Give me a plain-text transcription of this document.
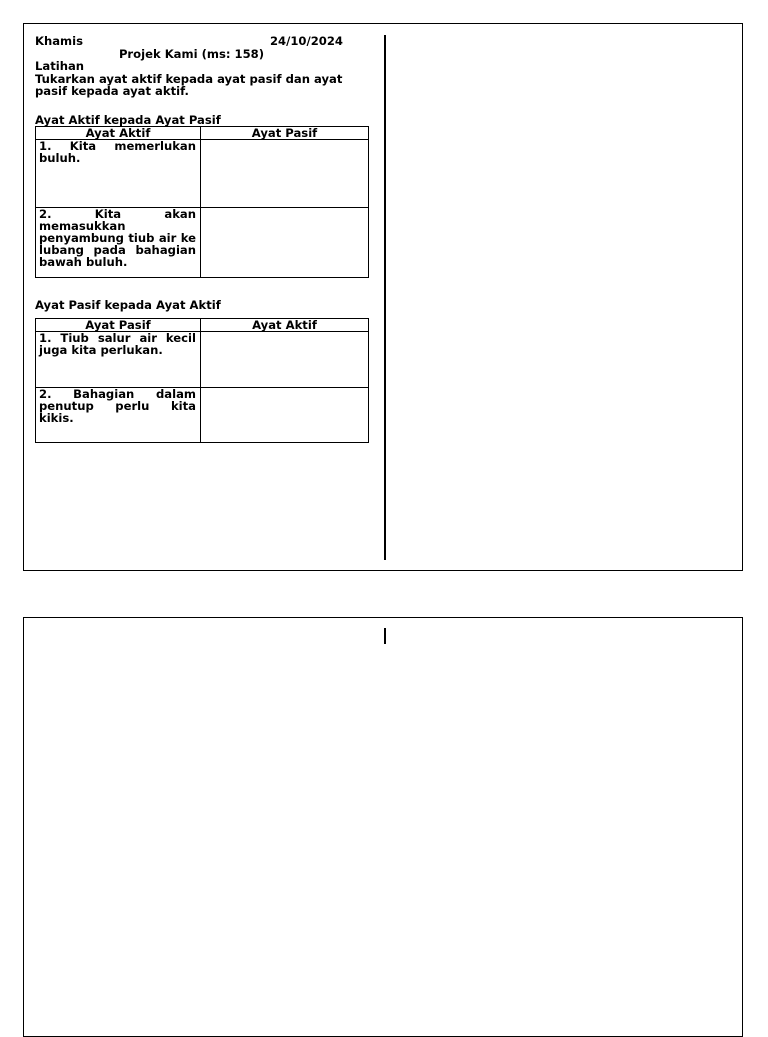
Khamis	24/10/2024
Projek Kami (ms: 158)
Latihan
Tukarkan ayat aktif kepada ayat pasif dan ayat pasif kepada ayat aktif.
Ayat Aktif kepada Ayat Pasif
Ayat Aktif	Ayat Pasif
1. Kita memerlukan buluh.	
2. Kita akan memasukkan penyambung tiub air ke lubang pada bahagian bawah buluh.	
Ayat Pasif kepada Ayat Aktif
Ayat Pasif	Ayat Aktif
1. Tiub salur air kecil juga kita perlukan.	
2. Bahagian dalam penutup perlu kita kikis.	
